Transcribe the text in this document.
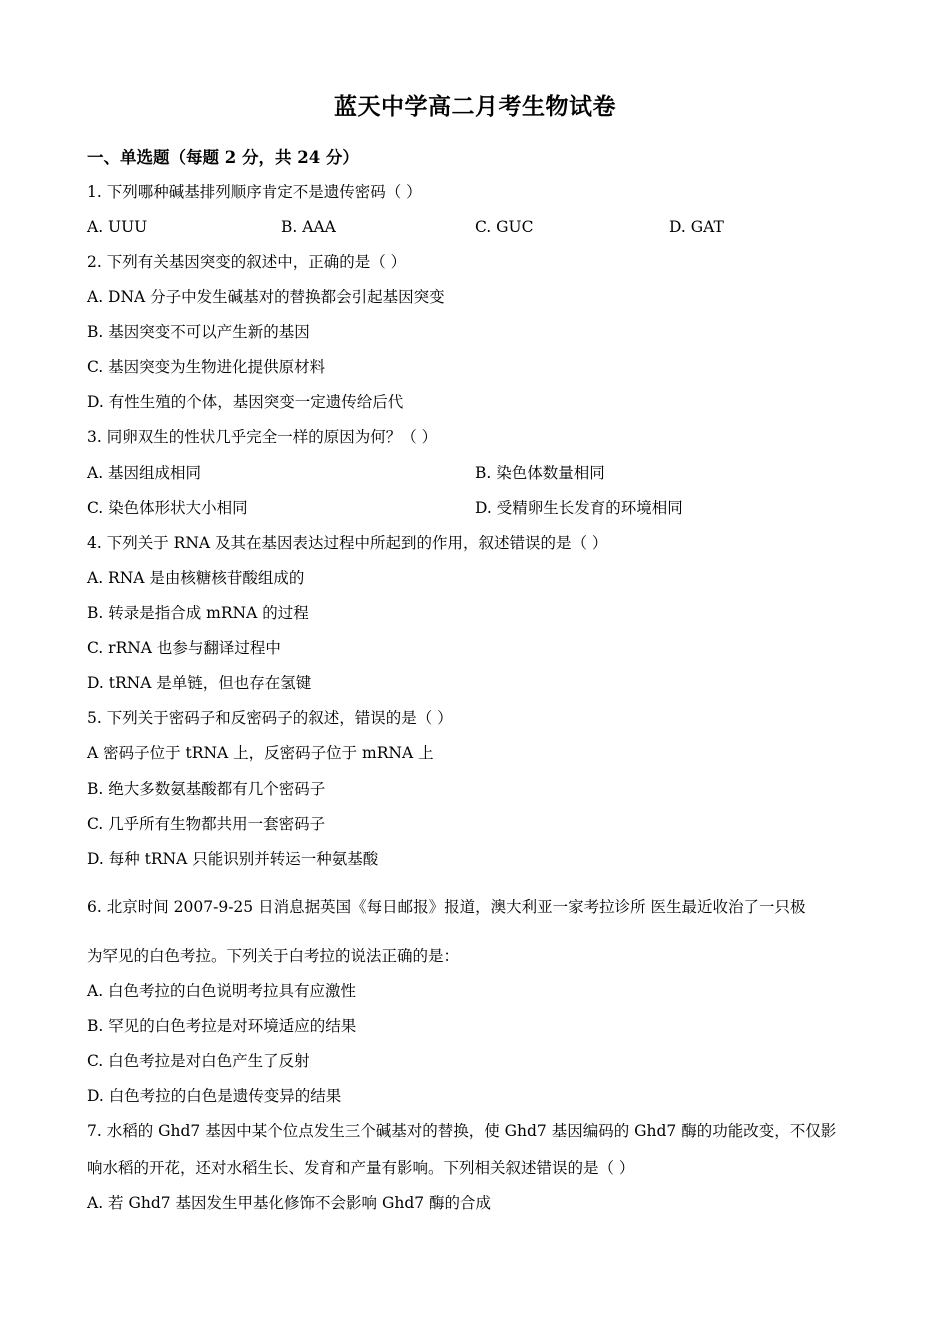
蓝天中学高二月考生物试卷
一、单选题（每题 2 分，共 24 分）
1. 下列哪种碱基排列顺序肯定不是遗传密码（ ）
A. UUU	B. AAA	C. GUC	D. GAT
2. 下列有关基因突变的叙述中，正确的是（ ）
A. DNA 分子中发生碱基对的替换都会引起基因突变
B. 基因突变不可以产生新的基因
C. 基因突变为生物进化提供原材料
D. 有性生殖的个体，基因突变一定遗传给后代
3. 同卵双生的性状几乎完全一样的原因为何？（ ）
A. 基因组成相同	B. 染色体数量相同
C. 染色体形状大小相同	D. 受精卵生长发育的环境相同
4. 下列关于 RNA 及其在基因表达过程中所起到的作用，叙述错误的是（ ）
A. RNA 是由核糖核苷酸组成的
B. 转录是指合成 mRNA 的过程
C. rRNA 也参与翻译过程中
D. tRNA 是单链，但也存在氢键
5. 下列关于密码子和反密码子的叙述，错误的是（ ）
A 密码子位于 tRNA 上，反密码子位于 mRNA 上
B. 绝大多数氨基酸都有几个密码子
C. 几乎所有生物都共用一套密码子
D. 每种 tRNA 只能识别并转运一种氨基酸
6. 北京时间 2007-9-25 日消息据英国《每日邮报》报道，澳大利亚一家考拉诊所 医生最近收治了一只极
为罕见的白色考拉。下列关于白考拉的说法正确的是：
A. 白色考拉的白色说明考拉具有应激性
B. 罕见的白色考拉是对环境适应的结果
C. 白色考拉是对白色产生了反射
D. 白色考拉的白色是遗传变异的结果
7. 水稻的 Ghd7 基因中某个位点发生三个碱基对的替换，使 Ghd7 基因编码的 Ghd7 酶的功能改变，不仅影
响水稻的开花，还对水稻生长、发育和产量有影响。下列相关叙述错误的是（ ）
A. 若 Ghd7 基因发生甲基化修饰不会影响 Ghd7 酶的合成
